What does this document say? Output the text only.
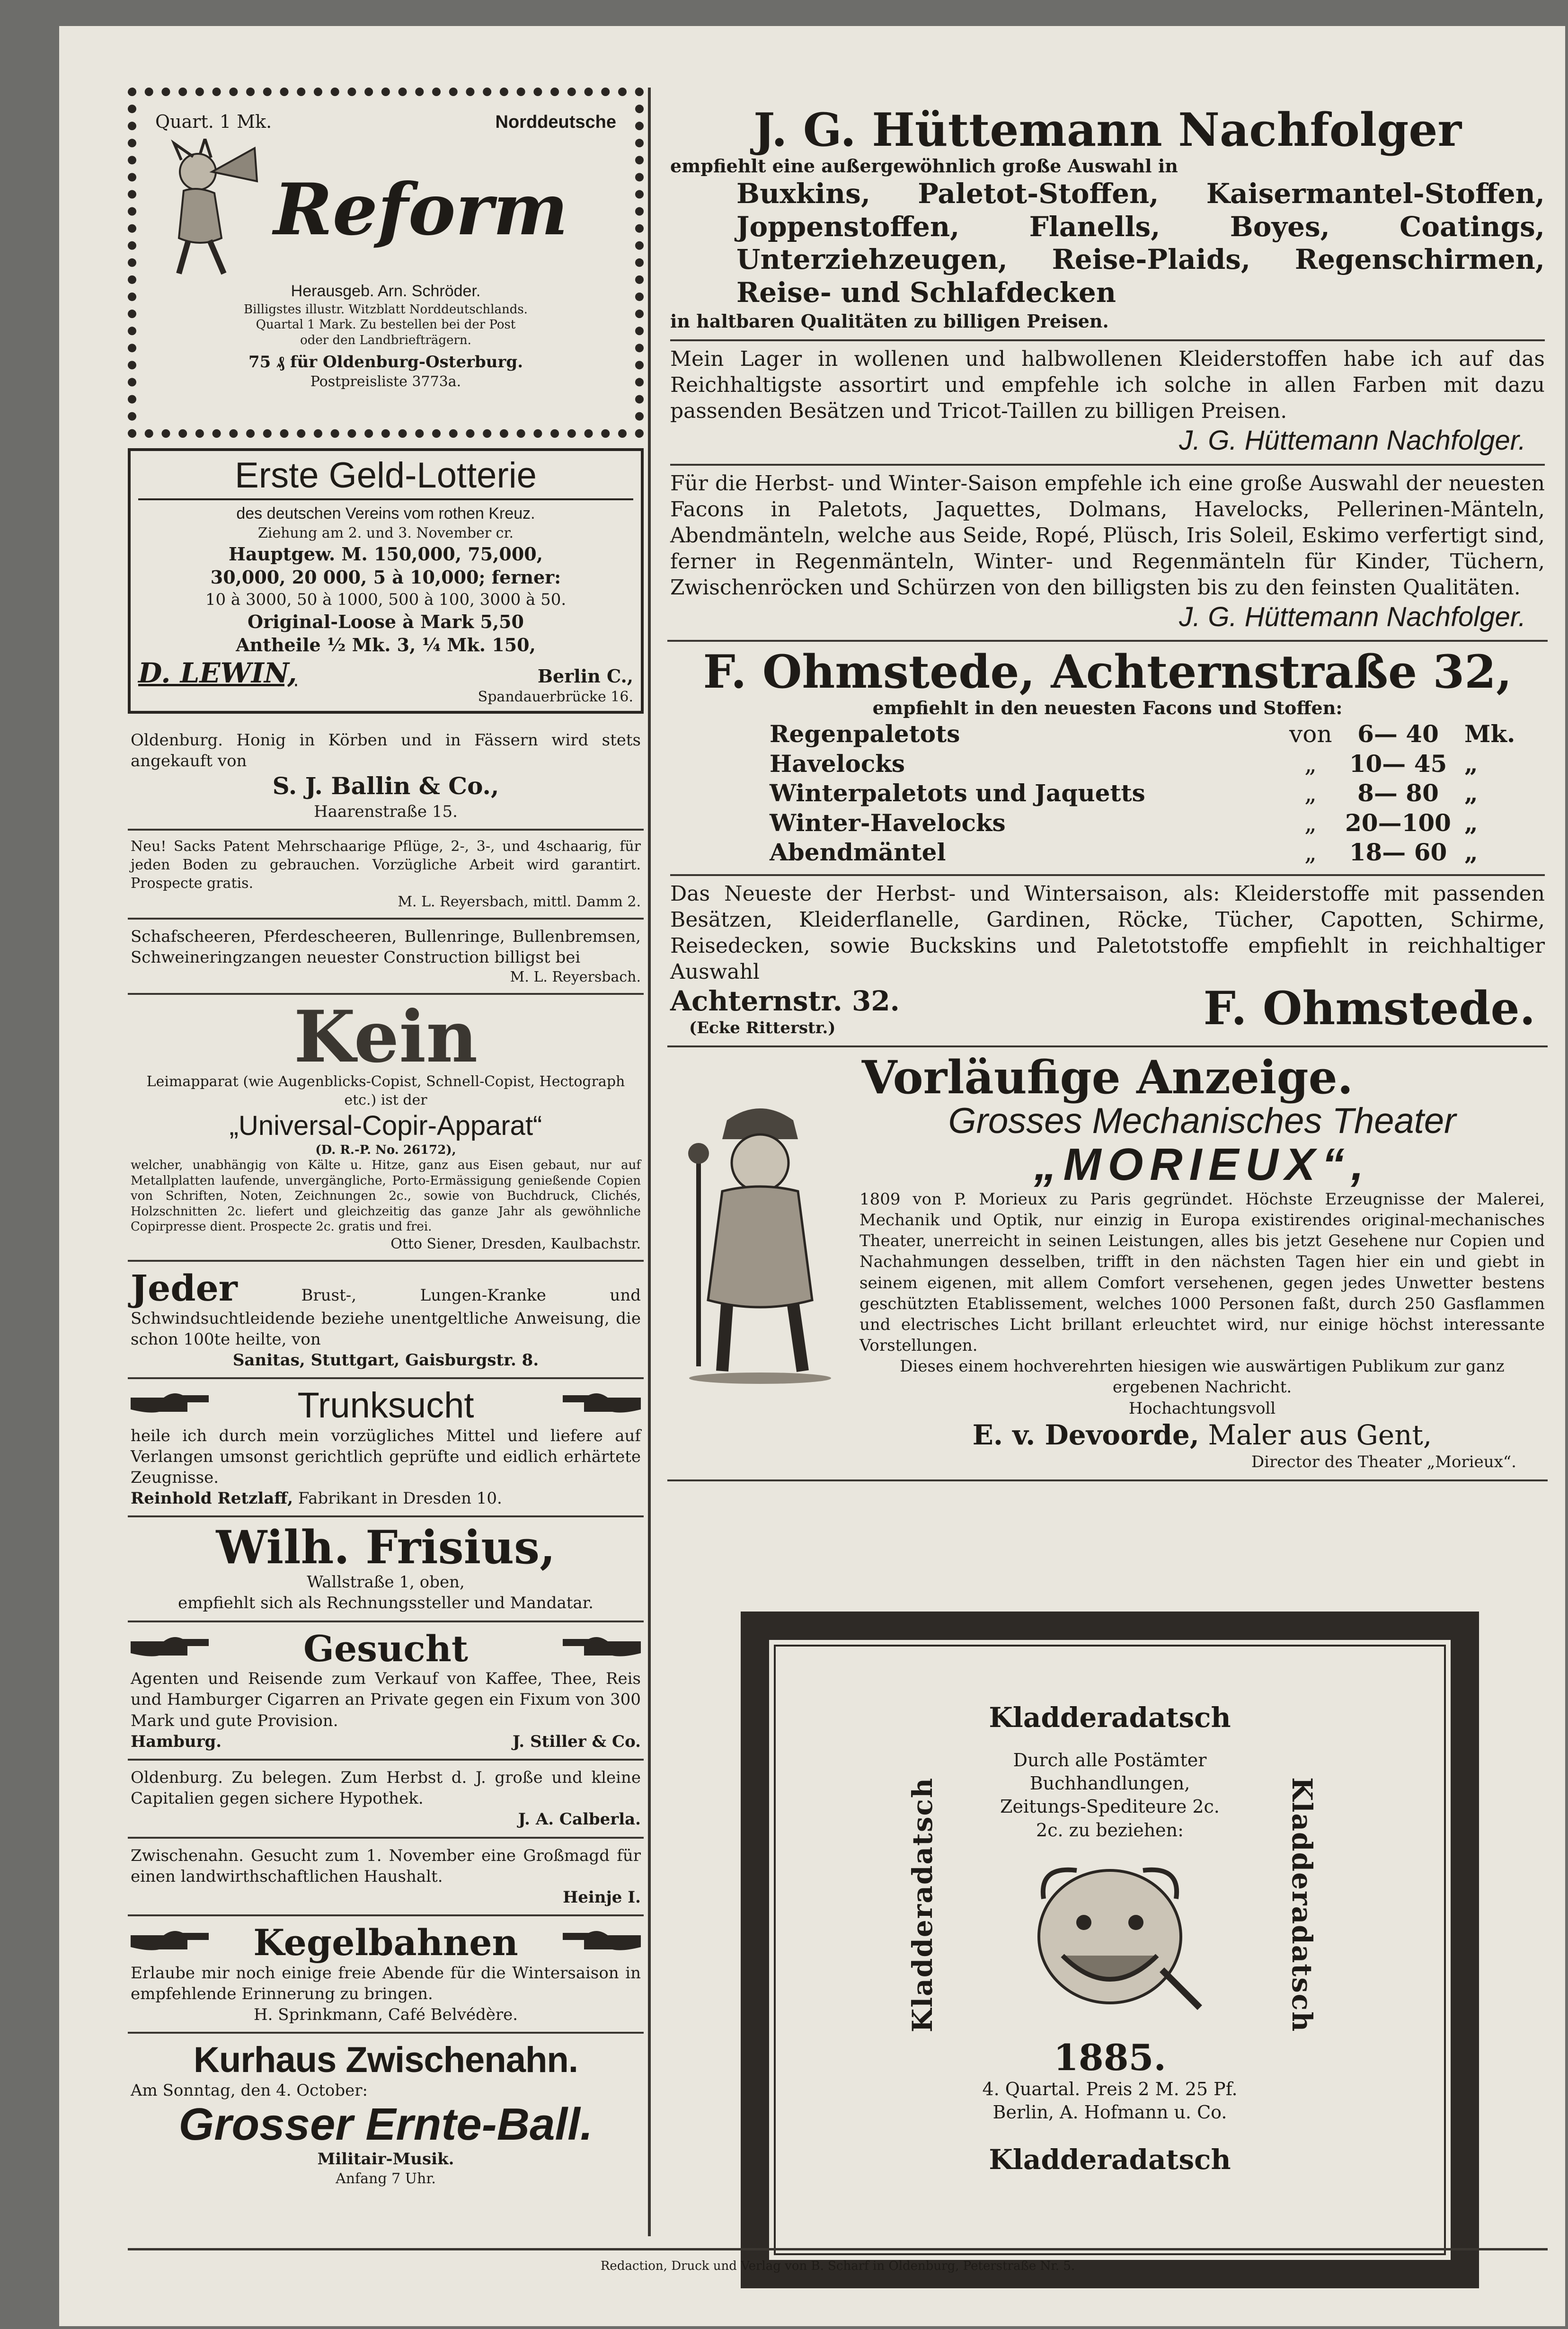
Quart. 1 Mk.	Norddeutsche
Reform

Herausgeb. Arn. Schröder.

Billigstes illustr. Witzblatt Norddeutschlands.

Quartal 1 Mark. Zu bestellen bei der Post

oder den Landbriefträgern.

75 ₰ für Oldenburg-Osterburg.

Postpreisliste 3773a.

Erste Geld-Lotterie

des deutschen Vereins vom rothen Kreuz.

Ziehung am 2. und 3. November cr.

Hauptgew. M. 150,000, 75,000,

30,000, 20 000, 5 à 10,000; ferner:

10 à 3000, 50 à 1000, 500 à 100, 3000 à 50.

Original-Loose à Mark 5,50

Antheile ½ Mk. 3, ¼ Mk. 150,

D. LEWIN,	Berlin C.,
Spandauerbrücke 16.

Oldenburg. Honig in Körben und in Fässern wird stets angekauft von

S. J. Ballin & Co.,

Haarenstraße 15.

Neu! Sacks Patent Mehrschaarige Pflüge, 2-, 3-, und 4schaarig, für jeden Boden zu gebrauchen. Vorzügliche Arbeit wird garantirt. Prospecte gratis.

M. L. Reyersbach, mittl. Damm 2.

Schafscheeren, Pferdescheeren, Bullenringe, Bullenbremsen, Schweineringzangen neuester Construction billigst bei

M. L. Reyersbach.

Kein

Leimapparat (wie Augenblicks-Copist, Schnell-Copist, Hectograph etc.) ist der

„Universal-Copir-Apparat“

(D. R.-P. No. 26172),

welcher, unabhängig von Kälte u. Hitze, ganz aus Eisen gebaut, nur auf Metallplatten laufende, unvergängliche, Porto-Ermässigung genießende Copien von Schriften, Noten, Zeichnungen 2c., sowie von Buchdruck, Clichés, Holzschnitten 2c. liefert und gleichzeitig das ganze Jahr als gewöhnliche Copirpresse dient. Prospecte 2c. gratis und frei.

Otto Siener, Dresden, Kaulbachstr.

Jeder	Brust-, Lungen-Kranke und Schwindsuchtleidende beziehe unentgeltliche Anweisung, die schon 100te heilte, von

Sanitas, Stuttgart, Gaisburgstr. 8.

Trunksucht

heile ich durch mein vorzügliches Mittel und liefere auf Verlangen umsonst gerichtlich geprüfte und eidlich erhärtete Zeugnisse.

Reinhold Retzlaff, Fabrikant in Dresden 10.

Wilh. Frisius,

Wallstraße 1, oben,

empfiehlt sich als Rechnungssteller und Mandatar.

Gesucht

Agenten und Reisende zum Verkauf von Kaffee, Thee, Reis und Hamburger Cigarren an Private gegen ein Fixum von 300 Mark und gute Provision.

Hamburg.	J. Stiller & Co.

Oldenburg. Zu belegen. Zum Herbst d. J. große und kleine Capitalien gegen sichere Hypothek.

J. A. Calberla.

Zwischenahn. Gesucht zum 1. November eine Großmagd für einen landwirthschaftlichen Haushalt.

Heinje I.

Kegelbahnen

Erlaube mir noch einige freie Abende für die Wintersaison in empfehlende Erinnerung zu bringen.

H. Sprinkmann, Café Belvédère.

Kurhaus Zwischenahn.

Am Sonntag, den 4. October:

Grosser Ernte-Ball.

Militair-Musik.

Anfang 7 Uhr.

J. G. Hüttemann Nachfolger

empfiehlt eine außergewöhnlich große Auswahl in

Buxkins, Paletot-Stoffen, Kaisermantel-Stoffen, Joppenstoffen, Flanells, Boyes, Coatings, Unterziehzeugen, Reise-Plaids, Regenschirmen, Reise- und Schlafdecken

in haltbaren Qualitäten zu billigen Preisen.

Mein Lager in wollenen und halbwollenen Kleiderstoffen habe ich auf das Reichhaltigste assortirt und empfehle ich solche in allen Farben mit dazu passenden Besätzen und Tricot-Taillen zu billigen Preisen.

J. G. Hüttemann Nachfolger.

Für die Herbst- und Winter-Saison empfehle ich eine große Auswahl der neuesten Facons in Paletots, Jaquettes, Dolmans, Havelocks, Pellerinen-Mänteln, Abendmänteln, welche aus Seide, Ropé, Plüsch, Iris Soleil, Eskimo verfertigt sind, ferner in Regenmänteln, Winter- und Regenmänteln für Kinder, Tüchern, Zwischenröcken und Schürzen von den billigsten bis zu den feinsten Qualitäten.

J. G. Hüttemann Nachfolger.

F. Ohmstede, Achternstraße 32,

empfiehlt in den neuesten Facons und Stoffen:

Regenpaletots	von	6— 40	Mk.
Havelocks	„	10— 45 „
Winterpaletots und Jaquetts	„	8— 80	„
Winter-Havelocks	„	20—100 „
Abendmäntel	„	18— 60 „

Das Neueste der Herbst- und Wintersaison, als: Kleiderstoffe mit passenden Besätzen, Kleiderflanelle, Gardinen, Röcke, Tücher, Capotten, Schirme, Reisedecken, sowie Buckskins und Paletotstoffe empfiehlt in reichhaltiger Auswahl

Achternstr. 32.
(Ecke Ritterstr.)	F. Ohmstede.

Vorläufige Anzeige.

Grosses Mechanisches Theater

„MORIEUX“,

1809 von P. Morieux zu Paris gegründet. Höchste Erzeugnisse der Malerei, Mechanik und Optik, nur einzig in Europa existirendes original-mechanisches Theater, unerreicht in seinen Leistungen, alles bis jetzt Gesehene nur Copien und Nachahmungen desselben, trifft in den nächsten Tagen hier ein und giebt in seinem eigenen, mit allem Comfort versehenen, gegen jedes Unwetter bestens geschützten Etablissement, welches 1000 Personen faßt, durch 250 Gasflammen und electrisches Licht brillant erleuchtet wird, nur einige höchst interessante Vorstellungen.

Dieses einem hochverehrten hiesigen wie auswärtigen Publikum zur ganz ergebenen Nachricht.

Hochachtungsvoll

E. v. Devoorde, Maler aus Gent,

Director des Theater „Morieux“.

Kladderadatsch	Kladderadatsch

Kladderadatsch

Durch alle Postämter Buchhandlungen, Zeitungs-Spediteure 2c. 2c. zu beziehen:

1885.

4. Quartal. Preis 2 M. 25 Pf.

Berlin, A. Hofmann u. Co.

Kladderadatsch

Redaction, Druck und Verlag von B. Scharf in Oldenburg, Peterstraße Nr. 5.
